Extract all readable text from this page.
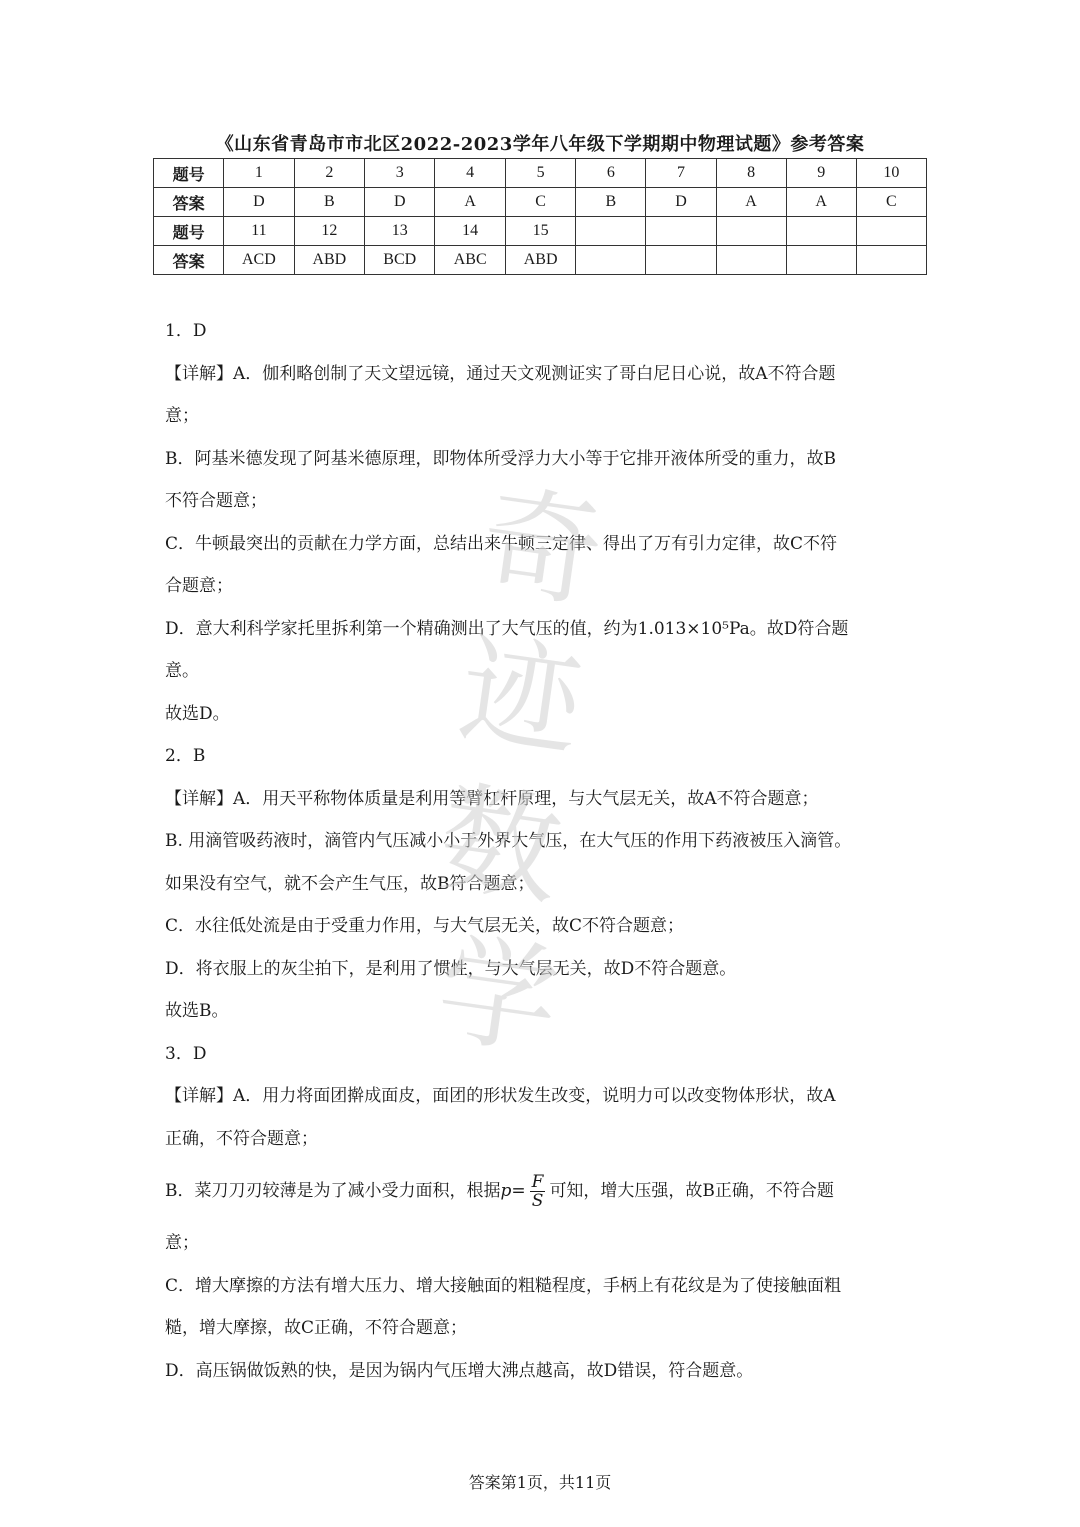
《山东省青岛市市北区2022-2023学年八年级下学期期中物理试题》参考答案
题号	1	2	3	4	5	6	7	8	9	10
答案	D	B	D	A	C	B	D	A	A	C
题号	11	12	13	14	15					
答案	ACD	ABD	BCD	ABC	ABD					

1．D

【详解】A．伽利略创制了天文望远镜，通过天文观测证实了哥白尼日心说，故A不符合题

意；

B．阿基米德发现了阿基米德原理，即物体所受浮力大小等于它排开液体所受的重力，故B

不符合题意；

C．牛顿最突出的贡献在力学方面，总结出来牛顿三定律、得出了万有引力定律，故C不符

合题意；

D．意大利科学家托里拆利第一个精确测出了大气压的值，约为1.013×10⁵Pa。故D符合题

意。

故选D。

2．B

【详解】A．用天平称物体质量是利用等臂杠杆原理，与大气层无关，故A不符合题意；

B. 用滴管吸药液时，滴管内气压减小小于外界大气压，在大气压的作用下药液被压入滴管。

如果没有空气，就不会产生气压，故B符合题意；

C．水往低处流是由于受重力作用，与大气层无关，故C不符合题意；

D．将衣服上的灰尘拍下，是利用了惯性，与大气层无关，故D不符合题意。

故选B。

3．D

【详解】A．用力将面团擀成面皮，面团的形状发生改变，说明力可以改变物体形状，故A

正确，不符合题意；

B．菜刀刀刃较薄是为了减小受力面积，根据$p= \frac{F}{S}$ 可知，增大压强，故B正确，不符合题

意；

C．增大摩擦的方法有增大压力、增大接触面的粗糙程度，手柄上有花纹是为了使接触面粗

糙，增大摩擦，故C正确，不符合题意；

D．高压锅做饭熟的快，是因为锅内气压增大沸点越高，故D错误，符合题意。

奇 迹 数 学
答案第1页，共11页
